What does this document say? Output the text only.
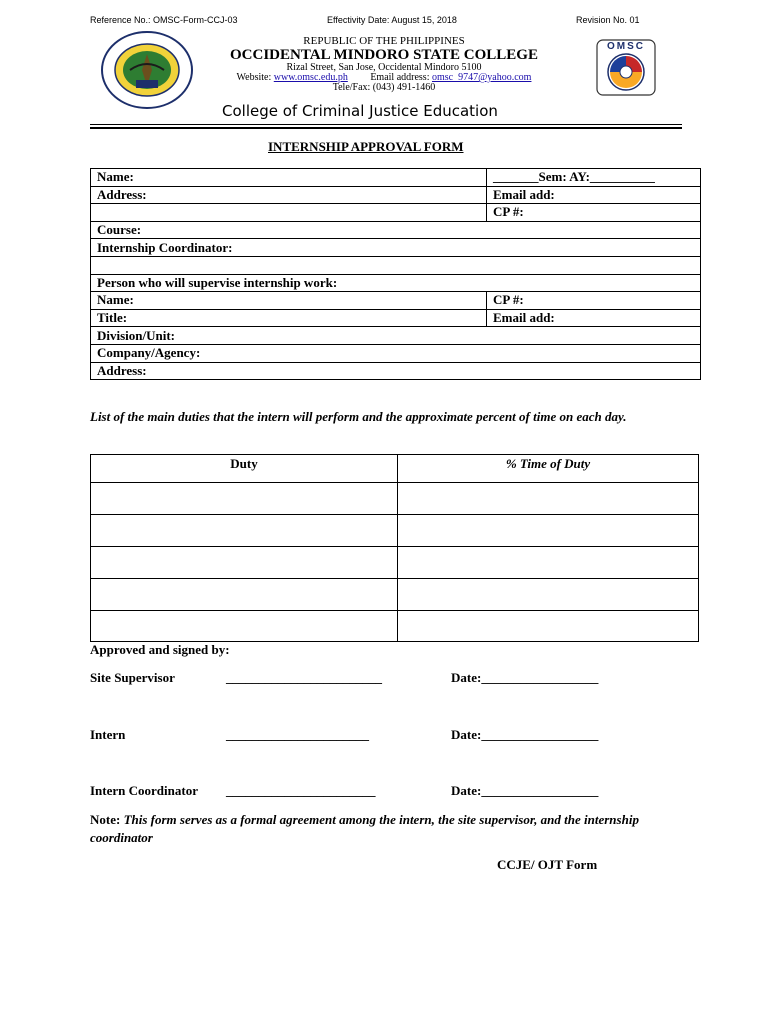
Reference No.: OMSC-Form-CCJ-03	Effectivity Date: August 15, 2018	Revision No. 01
OMSC
REPUBLIC OF THE PHILIPPINES
OCCIDENTAL MINDORO STATE COLLEGE
Rizal Street, San Jose, Occidental Mindoro 5100
Website: www.omsc.edu.ph Email address: omsc_9747@yahoo.com
Tele/Fax: (043) 491-1460
College of Criminal Justice Education
INTERNSHIP APPROVAL FORM
Name:	_______Sem: AY:__________
Address:	Email add:
	CP #:
Course:	
Internship Coordinator:	

Person who will supervise internship work:	
Name:	CP #:
Title:	Email add:
Division/Unit:	
Company/Agency:	
Address:	
List of the main duties that the intern will perform and the approximate percent of time on each day.
Duty	% Time of Duty

Approved and signed by:
Site Supervisor	________________________	Date:__________________
Intern	______________________	Date:__________________
Intern Coordinator _______________________	Date:__________________
Note: This form serves as a formal agreement among the intern, the site supervisor, and the internship coordinator
CCJE/ OJT Form
